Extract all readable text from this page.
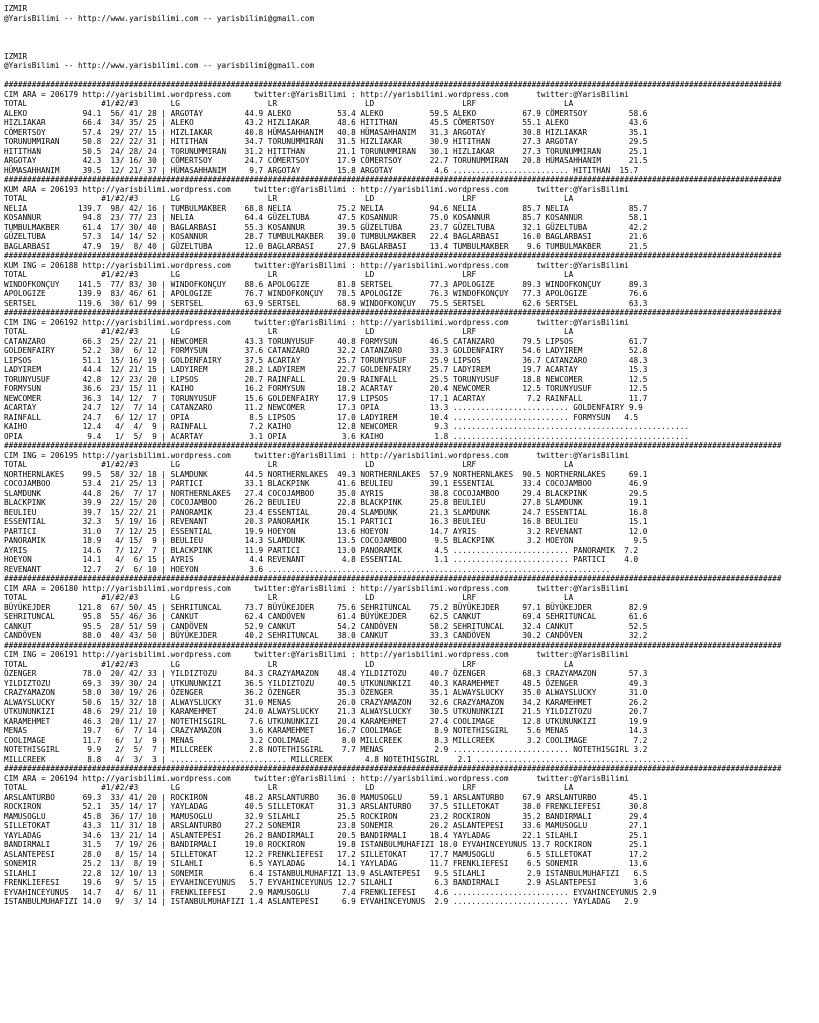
IZMIR
@YarisBilimi -- http://www.yarisbilimi.com -- yarisbilimi@gmail.com

IZMIR
@YarisBilimi -- http://www.yarisbilimi.com -- yarisbilimi@gmail.com

########################################################################################################################################################################
CIM ARA = 206179 http://yarisbilimi.wordpress.com     twitter:@YarisBilimi : http://yarisbilimi.wordpress.com      twitter:@YarisBilimi
TOTAL                #1/#2/#3       LG                   LR                   LD                   LRF                   LA
ALEKO            94.1  56/ 41/ 28 | ARGOTAY         44.9 ALEKO          53.4 ALEKO          59.5 ALEKO          67.9 CÖMERTSOY         58.6
HIZLIAKAR        66.4  34/ 35/ 25 | ALEKO           43.2 HIZLIAKAR      48.6 HITITHAN       45.5 CÖMERTSOY      55.1 ALEKO             43.6
CÖMERTSOY        57.4  29/ 27/ 15 | HIZLIAKAR       40.8 HÜMASAHHANIM   40.8 HÜMASAHHANIM   31.3 ARGOTAY        30.8 HIZLIAKAR         35.1
TORUNUMMIRAN     50.8  22/ 22/ 31 | HITITHAN        34.7 TORUNUMMIRAN   31.5 HIZLIAKAR      30.9 HITITHAN       27.3 ARGOTAY           29.5
HITITHAN         50.5  24/ 28/ 24 | TORUNUMMIRAN    31.2 HITITHAN       21.1 TORUNUMMIRAN   30.1 HIZLIAKAR      27.3 TORUNUMMIRAN      25.1
ARGOTAY          42.3  13/ 16/ 30 | CÖMERTSOY       24.7 CÖMERTSOY      17.9 CÖMERTSOY      22.7 TORUNUMMIRAN   20.8 HÜMASAHHANIM      21.5
HÜMASAHHANIM     39.5  12/ 21/ 37 | HÜMASAHHANIM     9.7 ARGOTAY        15.8 ARGOTAY         4.6 ......................... HITITHAN  15.7
########################################################################################################################################################################
KUM ARA = 206193 http://yarisbilimi.wordpress.com     twitter:@YarisBilimi : http://yarisbilimi.wordpress.com      twitter:@YarisBilimi
TOTAL                #1/#2/#3       LG                   LR                   LD                   LRF                   LA
NELIA           139.7  98/ 42/ 16 | TUMBULMAKBER    68.8 NELIA          75.2 NELIA          94.6 NELIA          85.7 NELIA             85.7
KOSANNUR         94.8  23/ 77/ 23 | NELIA           64.4 GÜZELTUBA      47.5 KOSANNUR       75.0 KOSANNUR       85.7 KOSANNUR          58.1
TUMBULMAKBER     61.4  17/ 30/ 40 | BAGLARBASI      55.3 KOSANNUR       39.5 GÜZELTUBA      23.7 GÜZELTUBA      32.1 GÜZELTUBA         42.2
GÜZELTUBA        57.3  14/ 14/ 52 | KOSANNUR        28.7 TUMBULMAKBER   39.0 TUMBULMAKBER   22.4 BAGLARBASI     16.0 BAGLARBASI        21.6
BAGLARBASI       47.9  19/  8/ 40 | GÜZELTUBA       12.0 BAGLARBASI     27.9 BAGLARBASI     13.4 TUMBULMAKBER    9.6 TUMBULMAKBER      21.5
########################################################################################################################################################################
KUM ING = 206188 http://yarisbilimi.wordpress.com     twitter:@YarisBilimi : http://yarisbilimi.wordpress.com      twitter:@YarisBilimi
TOTAL                #1/#2/#3       LG                   LR                   LD                   LRF                   LA
WINDOFKONÇUY    141.5  77/ 83/ 30 | WINDOFKONÇUY    88.6 APOLOGIZE      81.8 SERTSEL        77.3 APOLOGIZE      89.3 WINDOFKONÇUY      89.3
APOLOGIZE       139.9  83/ 46/ 61 | APOLOGIZE       76.7 WINDOFKONÇUY   78.5 APOLOGIZE      76.3 WINDOFKONÇUY   77.3 APOLOGIZE         76.6
SERTSEL         119.6  30/ 61/ 99 | SERTSEL         63.9 SERTSEL        68.9 WINDOFKONÇUY   75.5 SERTSEL        62.6 SERTSEL           63.3
########################################################################################################################################################################
CIM ING = 206192 http://yarisbilimi.wordpress.com     twitter:@YarisBilimi : http://yarisbilimi.wordpress.com      twitter:@YarisBilimi
TOTAL                #1/#2/#3       LG                   LR                   LD                   LRF                   LA
CATANZARO        66.3  25/ 22/ 21 | NEWCOMER        43.3 TORUNYUSUF     40.8 FORMYSUN       46.5 CATANZARO      79.5 LIPSOS            61.7
GOLDENFAIRY      52.2  30/  6/ 12 | FORMYSUN        37.6 CATANZARO      32.2 CATANZARO      33.3 GOLDENFAIRY    54.6 LADYIREM          52.8
LIPSOS           51.1  15/ 16/ 19 | GOLDENFAIRY     37.5 ACARTAY        25.7 TORUNYUSUF     25.9 LIPSOS         36.7 CATANZARO         48.3
LADYIREM         44.4  12/ 21/ 15 | LADYIREM        28.2 LADYIREM       22.7 GOLDENFAIRY    25.7 LADYIREM       19.7 ACARTAY           15.3
TORUNYUSUF       42.8  12/ 23/ 20 | LIPSOS          20.7 RAINFALL       20.9 RAINFALL       25.5 TORUNYUSUF     18.8 NEWCOMER          12.5
FORMYSUN         36.6  23/ 15/ 11 | KAIHO           16.2 FORMYSUN       18.2 ACARTAY        20.4 NEWCOMER       12.5 TORUNYUSUF        12.5
NEWCOMER         36.3  14/ 12/  7 | TORUNYUSUF      15.6 GOLDENFAIRY    17.9 LIPSOS         17.1 ACARTAY         7.2 RAINFALL          11.7
ACARTAY          24.7  12/  7/ 14 | CATANZARO       11.2 NEWCOMER       17.3 OPIA           13.3 ......................... GOLDENFAIRY 9.9
RAINFALL         24.7   6/ 12/ 17 | OPIA             8.5 LIPSOS         17.0 LADYIREM       10.4 ......................... FORMYSUN   4.5
KAIHO            12.4   4/  4/  9 | RAINFALL         7.2 KAIHO          12.8 NEWCOMER        9.3 ...................................................
OPIA              9.4   1/  5/  9 | ACARTAY          3.1 OPIA            3.6 KAIHO           1.8 ...................................................
########################################################################################################################################################################
CIM ING = 206195 http://yarisbilimi.wordpress.com     twitter:@YarisBilimi : http://yarisbilimi.wordpress.com      twitter:@YarisBilimi
TOTAL                #1/#2/#3       LG                   LR                   LD                   LRF                   LA
NORTHERNLAKES    99.5  58/ 32/ 18 | SLAMDUNK        44.5 NORTHERNLAKES  49.3 NORTHERNLAKES  57.9 NORTHERNLAKES  90.5 NORTHERNLAKES     69.1
COCOJAMBOO       53.4  21/ 25/ 13 | PARTICI         33.1 BLACKPINK      41.6 BEULIEU        39.1 ESSENTIAL      33.4 COCOJAMBOO        46.9
SLAMDUNK         44.8  26/  7/ 17 | NORTHERNLAKES   27.4 COCOJAMBOO     35.0 AYRIS          38.8 COCOJAMBOO     29.4 BLACKPINK         29.5
BLACKPINK        39.9  22/ 15/ 20 | COCOJAMBOO      26.2 BEULIEU        22.8 BLACKPINK      25.8 BEULIEU        27.8 SLAMDUNK          19.1
BEULIEU          39.7  15/ 22/ 21 | PANORAMIK       23.4 ESSENTIAL      20.4 SLAMDUNK       21.3 SLAMDUNK       24.7 ESSENTIAL         16.8
ESSENTIAL        32.3   5/ 19/ 16 | REVENANT        20.3 PANORAMIK      15.1 PARTICI        16.3 BEULIEU        16.8 BEULIEU           15.1
PARTICI          31.0   7/ 12/ 25 | ESSENTIAL       19.9 HOEYON         13.6 HOEYON         14.7 AYRIS           3.2 REVENANT          12.0
PANORAMIK        18.9   4/ 15/  9 | BEULIEU         14.3 SLAMDUNK       13.5 COCOJAMBOO      9.5 BLACKPINK       3.2 HOEYON             9.5
AYRIS            14.6   7/ 12/  7 | BLACKPINK       11.9 PARTICI        13.0 PANORAMIK       4.5 ......................... PANORAMIK  7.2
HOEYON           14.1   4/  6/ 15 | AYRIS            4.4 REVENANT        4.8 ESSENTIAL       1.1 ......................... PARTICI    4.0
REVENANT         12.7   2/  6/ 10 | HOEYON           3.6 ..........................................................................
########################################################################################################################################################################
CIM ARA = 206180 http://yarisbilimi.wordpress.com     twitter:@YarisBilimi : http://yarisbilimi.wordpress.com      twitter:@YarisBilimi
TOTAL                #1/#2/#3       LG                   LR                   LD                   LRF                   LA
BÜYÜKEJDER      121.8  67/ 50/ 45 | SEHRITUNCAL     73.7 BÜYÜKEJDER     75.6 SEHRITUNCAL    75.2 BÜYÜKEJDER     97.1 BÜYÜKEJDER        82.9
SEHRITUNCAL      95.8  55/ 46/ 36 | CANKUT          62.4 CANDÖVEN       61.4 BÜYÜKEJDER     62.5 CANKUT         69.4 SEHRITUNCAL       61.6
CANKUT           95.5  28/ 51/ 59 | CANDÖVEN        52.9 CANKUT         54.2 CANDÖVEN       58.2 SEHRITUNCAL    32.4 CANKUT            52.5
CANDÖVEN         88.0  40/ 43/ 50 | BÜYÜKEJDER      40.2 SEHRITUNCAL    38.0 CANKUT         33.3 CANDÖVEN       30.2 CANDÖVEN          32.2
########################################################################################################################################################################
CIM ING = 206191 http://yarisbilimi.wordpress.com     twitter:@YarisBilimi : http://yarisbilimi.wordpress.com      twitter:@YarisBilimi
TOTAL                #1/#2/#3       LG                   LR                   LD                   LRF                   LA
ÖZENGER          78.0  20/ 42/ 33 | YILDIZTOZU      84.3 CRAZYAMAZON    48.4 YILDIZTOZU     40.7 ÖZENGER        68.3 CRAZYAMAZON       57.3
YILDIZTOZU       69.3  39/ 30/ 24 | UTKUNUNKIZI     36.5 YILDIZTOZU     40.5 UTKUNUNKIZI    40.3 KARAMEHMET     48.5 ÖZENGER           49.3
CRAZYAMAZON      58.0  30/ 19/ 26 | ÖZENGER         36.2 ÖZENGER        35.3 ÖZENGER        35.1 ALWAYSLUCKY    35.0 ALWAYSLUCKY       31.0
ALWAYSLUCKY      50.6  15/ 32/ 18 | ALWAYSLUCKY     31.0 MENAS          26.0 CRAZYAMAZON    32.6 CRAZYAMAZON    34.2 KARAMEHMET        26.2
UTKUNUNKIZI      48.6  29/ 21/ 10 | KARAMEHMET      24.0 ALWAYSLUCKY    21.3 ALWAYSLUCKY    30.5 UTKUNUNKIZI    21.5 YILDIZTOZU        20.7
KARAMEHMET       46.3  20/ 11/ 27 | NOTETHISGIRL     7.6 UTKUNUNKIZI    20.4 KARAMEHMET     27.4 COOLIMAGE      12.8 UTKUNUNKIZI       19.9
MENAS            19.7   6/  7/ 14 | CRAZYAMAZON      3.6 KARAMEHMET     16.7 COOLIMAGE       8.9 NOTETHISGIRL    5.6 MENAS             14.3
COOLIMAGE        11.7   6/  1/  9 | MENAS            3.2 COOLIMAGE       8.0 MILLCREEK       8.3 MILLCREEK       3.2 COOLIMAGE          7.2
NOTETHISGIRL      9.9   2/  5/  7 | MILLCREEK        2.8 NOTETHISGIRL    7.7 MENAS           2.9 ......................... NOTETHISGIRL 3.2
MILLCREEK         8.8   4/  3/  3 | ......................... MILLCREEK       4.8 NOTETHISGIRL    2.1 ...........................................
########################################################################################################################################################################
CIM ARA = 206194 http://yarisbilimi.wordpress.com     twitter:@YarisBilimi : http://yarisbilimi.wordpress.com      twitter:@YarisBilimi
TOTAL                #1/#2/#3       LG                   LR                   LD                   LRF                   LA
ARSLANTURBO      69.3  33/ 41/ 20 | ROCKIRON        48.2 ARSLANTURBO    36.0 MAMUSOGLU      59.1 ARSLANTURBO    67.9 ARSLANTURBO       45.1
ROCKIRON         52.1  35/ 14/ 17 | YAYLADAG        40.5 SILLETOKAT     31.3 ARSLANTURBO    37.5 SILLETOKAT     38.0 FRENKLIEFESI      30.8
MAMUSOGLU        45.8  36/ 17/ 10 | MAMUSOGLU       32.9 SILAHLI        25.5 ROCKIRON       23.2 ROCKIRON       35.2 BANDIRMALI        29.4
SILLETOKAT       43.3  11/ 31/ 18 | ARSLANTURBO     27.2 SONEMIR        23.8 SONEMIR        20.2 ASLANTEPESI    33.6 MAMUSOGLU         27.1
YAYLADAG         34.6  13/ 21/ 14 | ASLANTEPESI     26.2 BANDIRMALI     20.5 BANDIRMALI     18.4 YAYLADAG       22.1 SILAHLI           25.1
BANDIRMALI       31.5   7/ 19/ 26 | BANDIRMALI      19.0 ROCKIRON       19.8 ISTANBULMUHAFIZI 18.0 EYVAHINCEYUNUS 13.7 ROCKIRON        25.1
ASLANTEPESI      28.0   8/ 15/ 14 | SILLETOKAT      12.2 FRENKLIEFESI   17.2 SILLETOKAT     17.7 MAMUSOGLU       6.5 SILLETOKAT        17.2
SONEMIR          25.2  13/  8/ 19 | SILAHLI          6.5 YAYLADAG       14.1 YAYLADAG       11.7 FRENKLIEFESI    6.5 SONEMIR           13.6
SILAHLI          22.8  12/ 10/ 13 | SONEMIR          6.4 ISTANBULMUHAFIZI 13.9 ASLANTEPESI   9.5 SILAHLI         2.9 ISTANBULMUHAFIZI   6.5
FRENKLIEFESI     19.6   9/  5/ 15 | EYVAHINCEYUNUS   5.7 EYVAHINCEYUNUS 12.7 SILAHLI         6.3 BANDIRMALI      2.9 ASLANTEPESI        3.6
EYVAHINCEYUNUS   14.7   4/  6/ 11 | FRENKLIEFESI     2.9 MAMUSOGLU       7.4 FRENKLIEFESI    4.6 ......................... EYVAHINCEYUNUS 2.9
ISTANBULMUHAFIZI 14.0   9/  3/ 14 | ISTANBULMUHAFIZI 1.4 ASLANTEPESI     6.9 EYVAHINCEYUNUS  2.9 ......................... YAYLADAG   2.9
